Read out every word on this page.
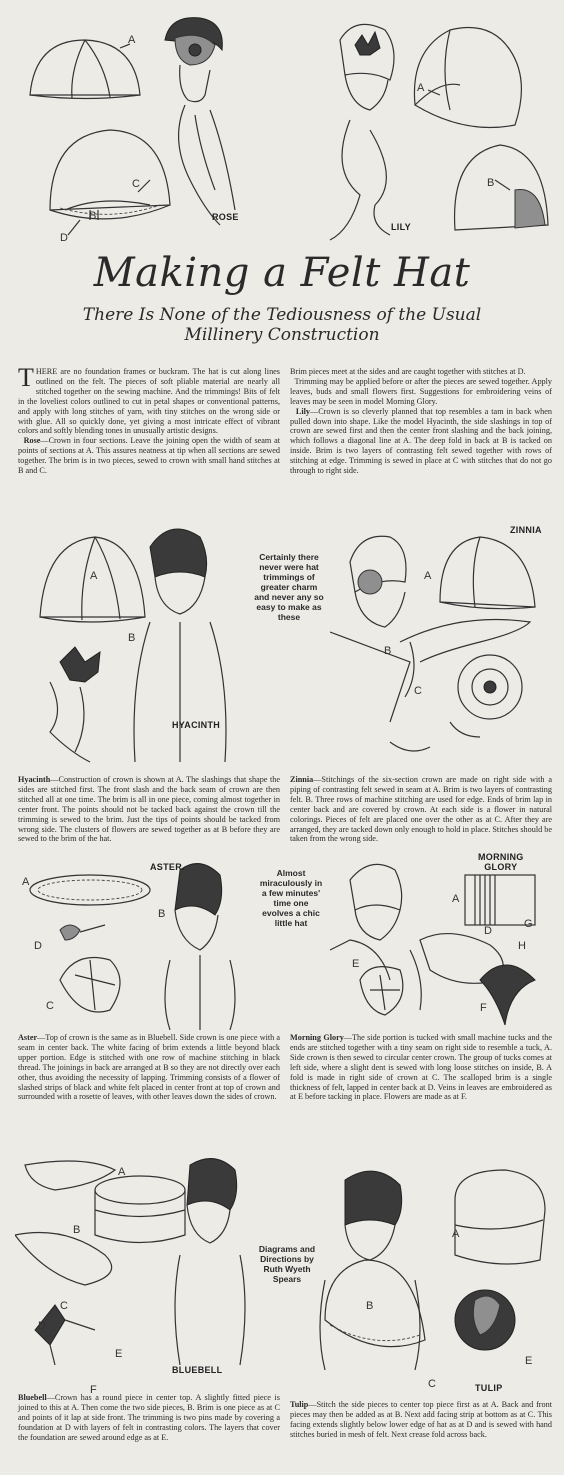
ROSE
A
C
B
D
LILY
A
B
Making a Felt Hat
There Is None of the Tediousness of the Usual
Millinery Construction
THERE are no foundation frames or buckram. The hat is cut along lines outlined on the felt. The pieces of soft pliable material are nearly all stitched together on the sewing machine. And the trimmings! Bits of felt in the loveliest colors outlined to cut in petal shapes or conventional patterns, and apply with long stitches of yarn, with tiny stitches on the wrong side or with glue. All so quickly done, yet giving a most intricate effect of vibrant colors and softly blending tones in unusually artistic designs.
Rose—Crown in four sections. Leave the joining open the width of seam at points of sections at A. This assures neatness at tip when all sections are sewed together. The brim is in two pieces, sewed to crown with small hand stitches at B and C.
Brim pieces meet at the sides and are caught together with stitches at D.
Trimming may be applied before or after the pieces are sewed together. Apply leaves, buds and small flowers first. Suggestions for embroidering veins of leaves may be seen in model Morning Glory.
Lily—Crown is so cleverly planned that top resembles a tam in back when pulled down into shape. Like the model Hyacinth, the side slashings in top of crown are sewed first and then the center front slashing and the back joining, which follows a diagonal line at A. The deep fold in back at B is tacked on inside. Brim is two layers of contrasting felt sewed together with rows of stitching at edge. Trimming is sewed in place at C with stitches that do not go through to right side.
A
B
HYACINTH
Certainly there never were hat trimmings of greater charm and never any so easy to make as these
ZINNIA
A
B
C
Hyacinth—Construction of crown is shown at A. The slashings that shape the sides are stitched first. The front slash and the back seam of crown are then stitched all at one time. The brim is all in one piece, coming almost together in center front. The points should not be tacked back against the crown till the trimming is sewed to the brim. Just the tips of points should be tacked from wrong side. The clusters of flowers are sewed together as at B before they are sewed to the brim of the hat.
Zinnia—Stitchings of the six-section crown are made on right side with a piping of contrasting felt sewed in seam at A. Brim is two layers of contrasting felt. B. Three rows of machine stitching are used for edge. Ends of brim lap in center back and are covered by crown. At each side is a flower in natural colorings. Pieces of felt are placed one over the other as at C. After they are arranged, they are tacked down only enough to hold in place. Stitches should be taken from the wrong side.
ASTER.
A
B
D
C
Almost miraculously in a few minutes' time one evolves a chic little hat
MORNING
GLORY
A
G
D
H
E
F
Aster—Top of crown is the same as in Bluebell. Side crown is one piece with a seam in center back. The white facing of brim extends a little beyond black upper portion. Edge is stitched with one row of machine stitching in black thread. The joinings in back are arranged at B so they are not directly over each other, thus avoiding the necessity of lapping. Trimming consists of a flower of slashed strips of black and white felt placed in center front at top of crown and surrounded with a rosette of leaves, with other leaves down the sides of crown.
Morning Glory—The side portion is tucked with small machine tucks and the ends are stitched together with a tiny seam on right side to resemble a tuck, A. Side crown is then sewed to circular center crown. The group of tucks comes at left side, where a slight dent is sewed with long loose stitches on inside, B. A fold is made in right side of crown at C. The scalloped brim is a single thickness of felt, lapped in center back at D. Veins in leaves are embroidered as at E before tacking in place. Flowers are made as at F.
A
B
C
D
E
F
BLUEBELL
Diagrams and Directions by Ruth Wyeth Spears
A
B
C
E
TULIP
Bluebell—Crown has a round piece in center top. A slightly fitted piece is joined to this at A. Then come the two side pieces, B. Brim is one piece as at C and points of it lap at side front. The trimming is two pins made by covering a foundation at D with layers of felt in contrasting colors. The layers that cover the foundation are sewed around edge as at E.
Tulip—Stitch the side pieces to center top piece first as at A. Back and front pieces may then be added as at B. Next add facing strip at bottom as at C. This facing extends slightly below lower edge of hat as at D and is sewed with hand stitches buried in mesh of felt. Next crease fold across back.
